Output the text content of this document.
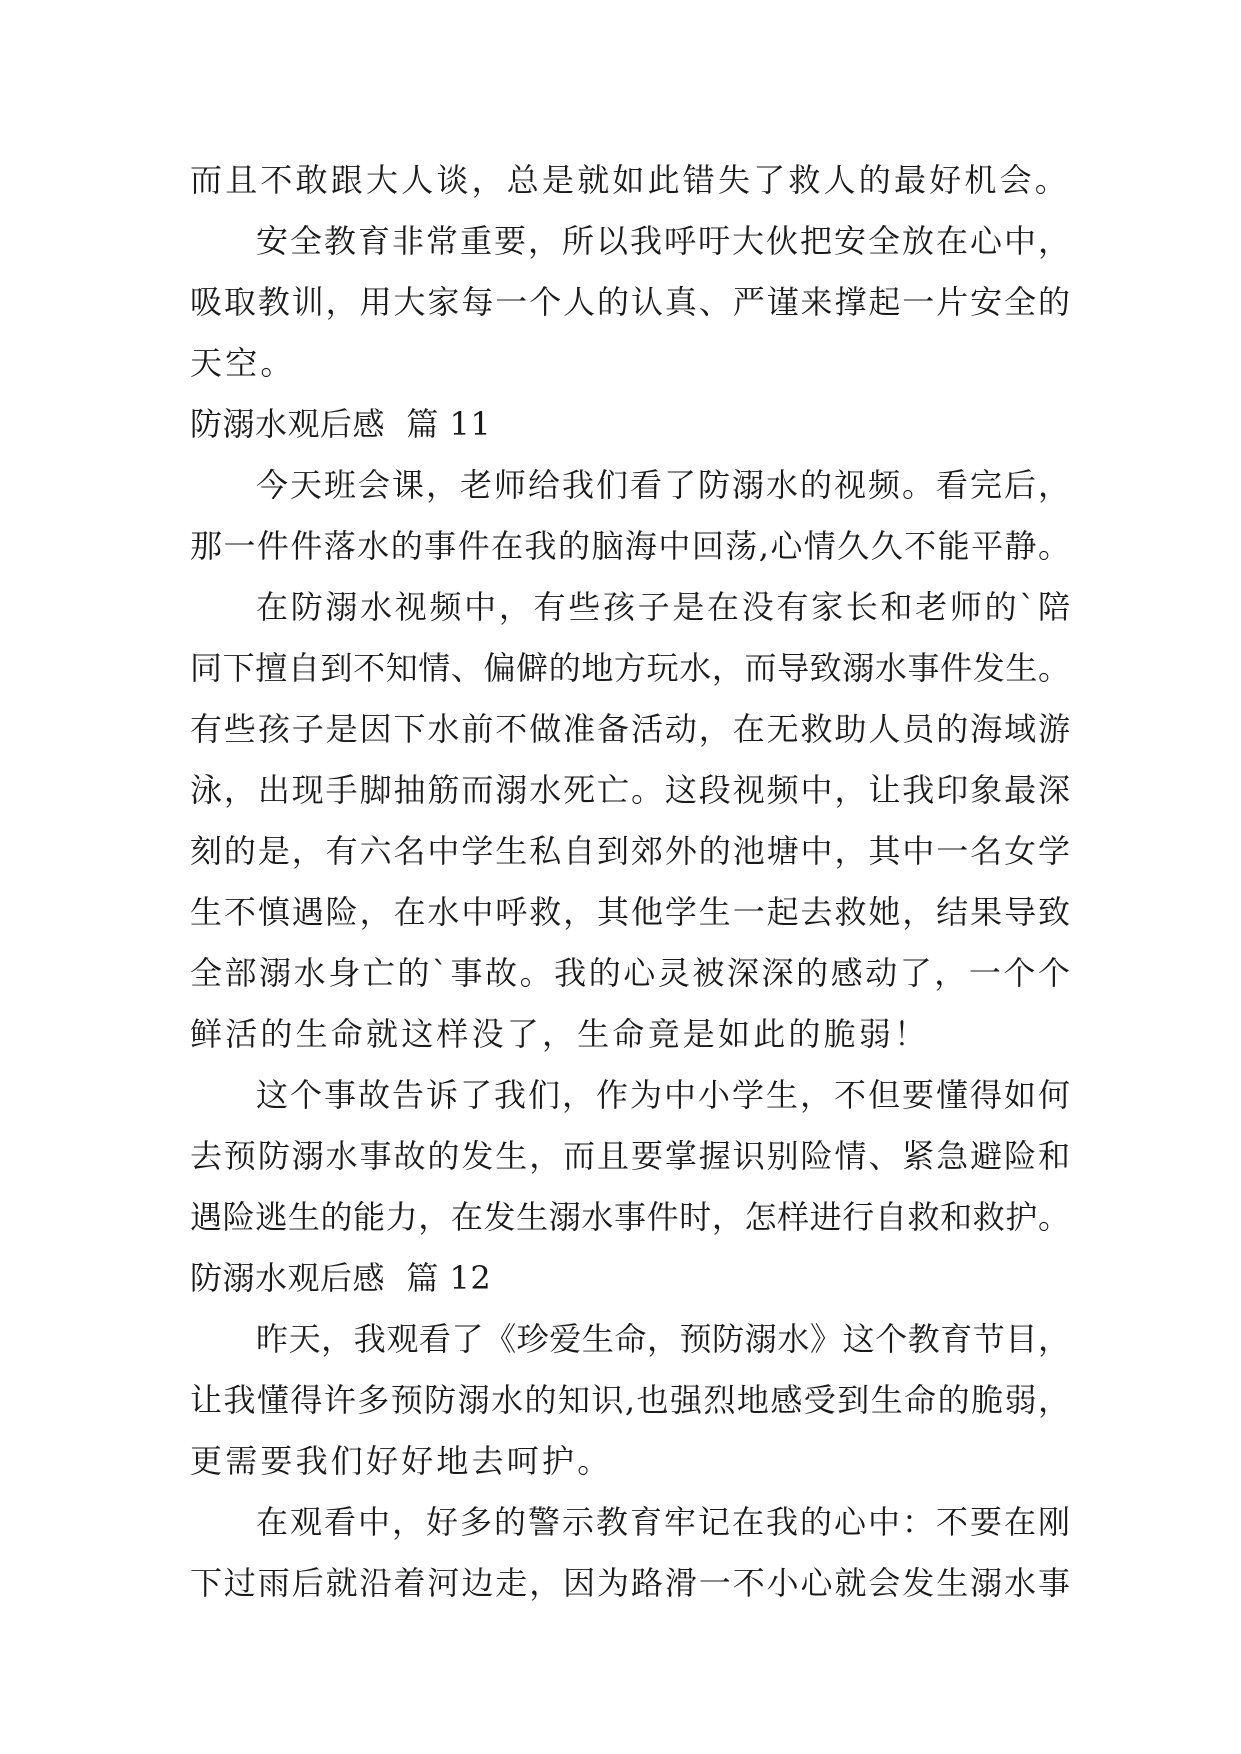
而且不敢跟大人谈，总是就如此错失了救人的最好机会。

安全教育非常重要，所以我呼吁大伙把安全放在心中，
吸取教训，用大家每一个人的认真、严谨来撑起一片安全的
天空。

防溺水观后感  篇 11

今天班会课，老师给我们看了防溺水的视频。看完后，
那一件件落水的事件在我的脑海中回荡,心情久久不能平静。

在防溺水视频中，有些孩子是在没有家长和老师的`陪
同下擅自到不知情、偏僻的地方玩水，而导致溺水事件发生。
有些孩子是因下水前不做准备活动，在无救助人员的海域游
泳，出现手脚抽筋而溺水死亡。这段视频中，让我印象最深
刻的是，有六名中学生私自到郊外的池塘中，其中一名女学
生不慎遇险，在水中呼救，其他学生一起去救她，结果导致
全部溺水身亡的`事故。我的心灵被深深的感动了，一个个
鲜活的生命就这样没了，生命竟是如此的脆弱！

这个事故告诉了我们，作为中小学生，不但要懂得如何
去预防溺水事故的发生，而且要掌握识别险情、紧急避险和
遇险逃生的能力，在发生溺水事件时，怎样进行自救和救护。

防溺水观后感  篇 12

昨天，我观看了《珍爱生命，预防溺水》这个教育节目，
让我懂得许多预防溺水的知识,也强烈地感受到生命的脆弱，
更需要我们好好地去呵护。

在观看中，好多的警示教育牢记在我的心中：不要在刚
下过雨后就沿着河边走，因为路滑一不小心就会发生溺水事
